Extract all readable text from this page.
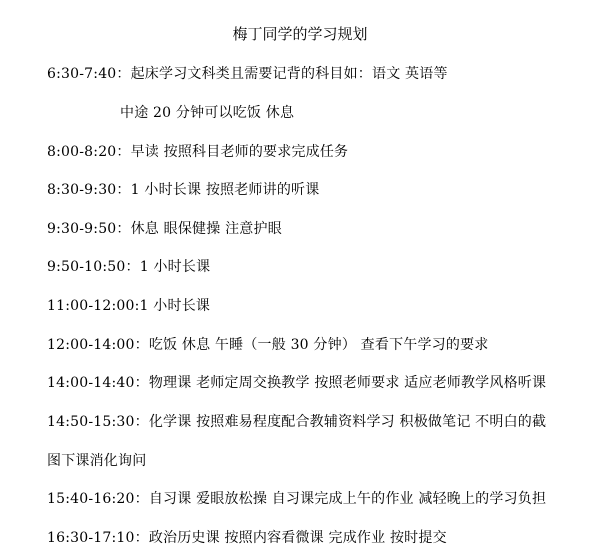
梅丁同学的学习规划
6:30-7:40：起床学习文科类且需要记背的科目如：语文 英语等
中途 20 分钟可以吃饭 休息
8:00-8:20：早读 按照科目老师的要求完成任务
8:30-9:30：1 小时长课 按照老师讲的听课
9:30-9:50：休息 眼保健操 注意护眼
9:50-10:50：1 小时长课
11:00-12:00:1 小时长课
12:00-14:00：吃饭 休息 午睡（一般 30 分钟） 查看下午学习的要求
14:00-14:40：物理课 老师定周交换教学 按照老师要求 适应老师教学风格听课
14:50-15:30：化学课 按照难易程度配合教辅资料学习 积极做笔记 不明白的截
图下课消化询问
15:40-16:20：自习课 爱眼放松操 自习课完成上午的作业 减轻晚上的学习负担
16:30-17:10：政治历史课 按照内容看微课 完成作业 按时提交
